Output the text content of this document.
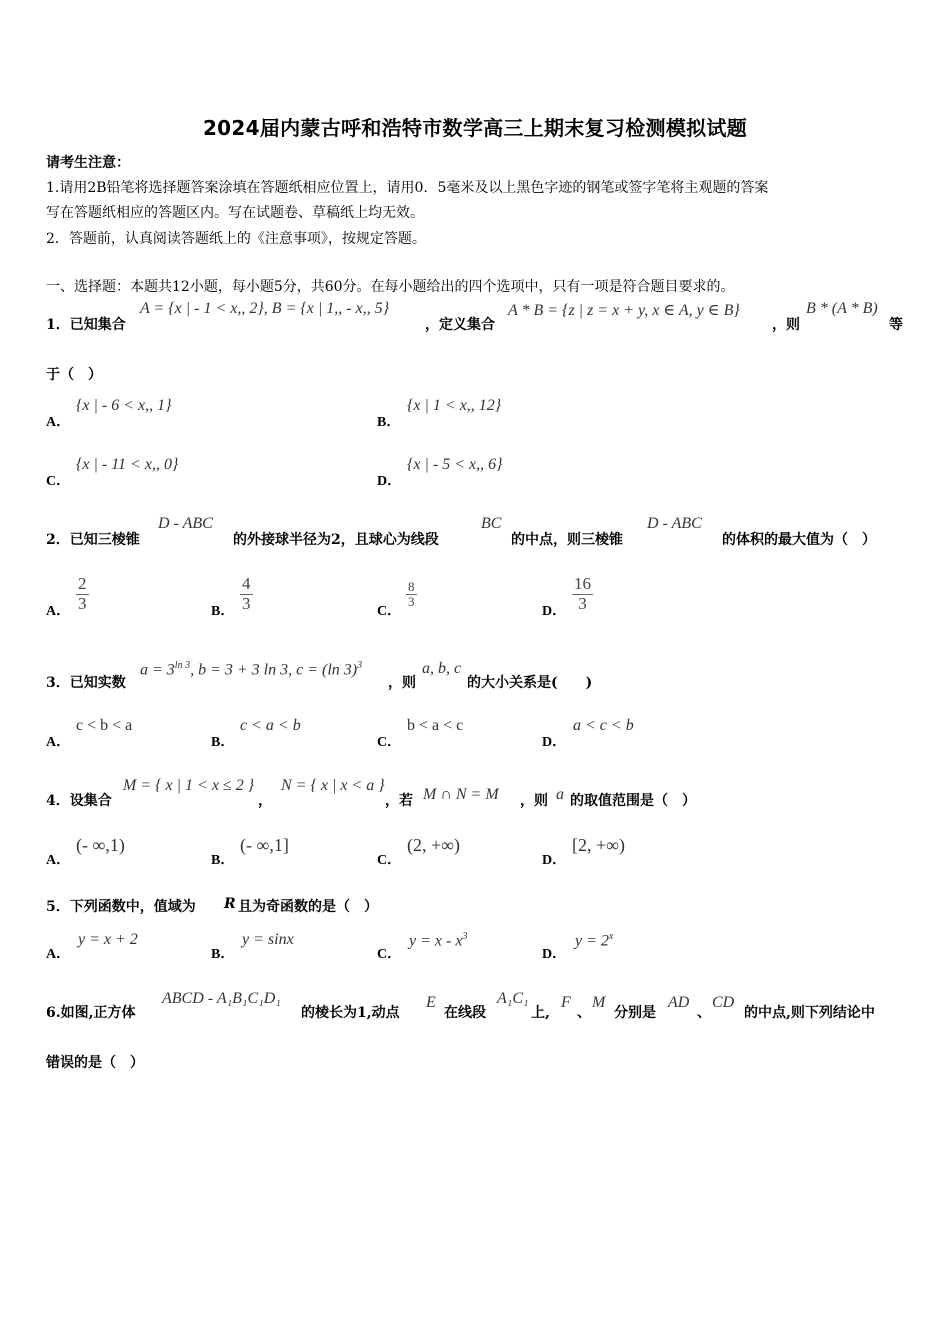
2024届内蒙古呼和浩特市数学高三上期末复习检测模拟试题
请考生注意：
1.请用2B铅笔将选择题答案涂填在答题纸相应位置上，请用0．5毫米及以上黑色字迹的钢笔或签字笔将主观题的答案
写在答题纸相应的答题区内。写在试题卷、草稿纸上均无效。
2．答题前，认真阅读答题纸上的《注意事项》，按规定答题。
一、选择题：本题共12小题，每小题5分，共60分。在每小题给出的四个选项中，只有一项是符合题目要求的。
1．已知集合
A = {x | - 1 < x,, 2}, B = {x | 1,, - x,, 5}
，定义集合
A * B = {z | z = x + y, x ∈ A, y ∈ B}
，则
B * (A * B)
等
于（　）
A．
{x | - 6 < x,, 1}
B．
{x | 1 < x,, 12}
C．
{x | - 11 < x,, 0}
D．
{x | - 5 < x,, 6}
2．已知三棱锥
D - ABC
的外接球半径为2，且球心为线段
BC
的中点，则三棱锥
D - ABC
的体积的最大值为（　）
A． $\frac{2}{3}$	B． $\frac{4}{3}$	C．
$\frac{8}{3}$
D． $\frac{16}{3}$
3．已知实数
$a = 3^{ln 3}$, b = 3 + 3 ln 3, c = (ln 3)$^3$
，则
a, b, c
的大小关系是(　　)
A．
c < b < a
B．
c < a < b
C．
b < a < c
D．
a < c < b
4．设集合
M = { x | 1 < x ≤ 2 }
，
N = { x | x < a }
，若 M ∩ N = M ，则 a 的取值范围是（　）
A．
(- ∞,1)
B．
(- ∞,1]
C．
(2, +∞)
D．
[2, +∞)
5．下列函数中，值域为 R 且为奇函数的是（　）
A．
y = x + 2
B．
y = sinx
C．
$y = x - x^3$
D．
$y = 2^x$
6.如图,正方体
ABCD - A₁B₁C₁D₁
的棱长为1,动点
E
在线段
A₁C₁
上,
F
、
M
分别是
AD
、
CD
的中点,则下列结论中
错误的是（　）
